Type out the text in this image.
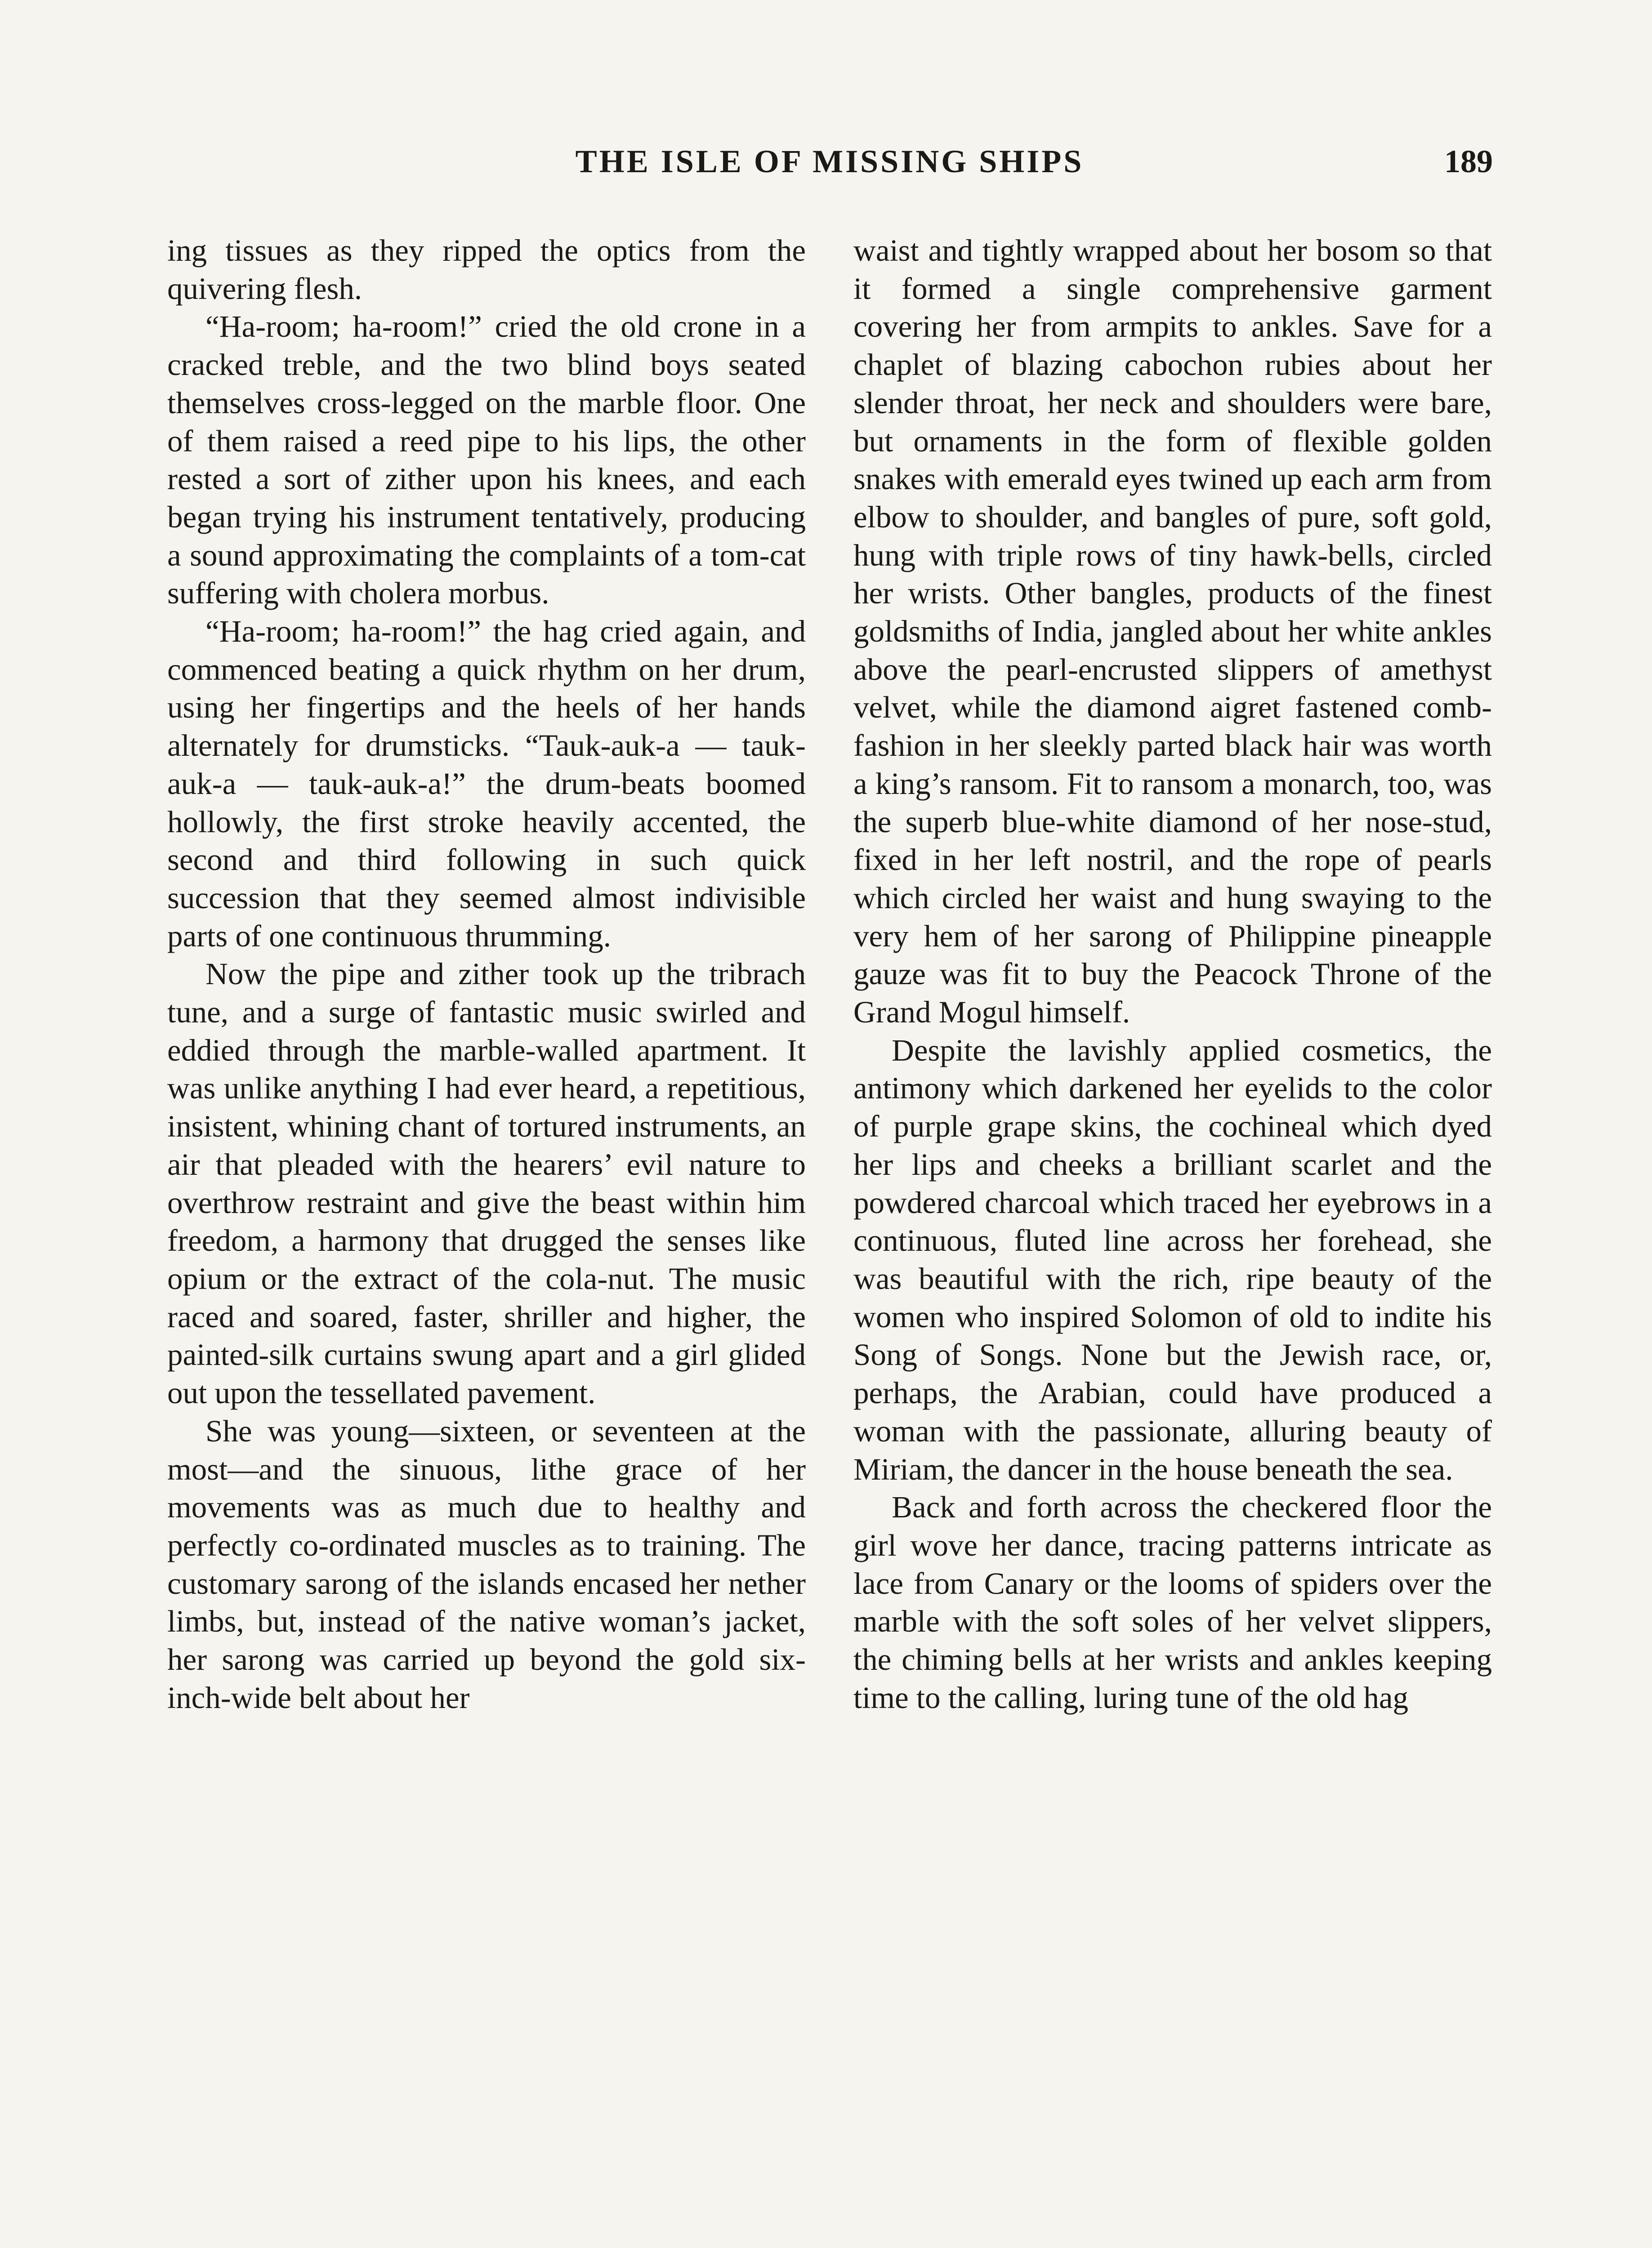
THE ISLE OF MISSING SHIPS	189

ing tissues as they ripped the optics from the quivering flesh.

“Ha-room; ha-room!” cried the old crone in a cracked treble, and the two blind boys seated themselves cross-legged on the marble floor. One of them raised a reed pipe to his lips, the other rested a sort of zither upon his knees, and each began trying his instrument tentatively, producing a sound approximating the complaints of a tom-cat suffering with cholera morbus.

“Ha-room; ha-room!” the hag cried again, and commenced beating a quick rhythm on her drum, using her fingertips and the heels of her hands alternately for drumsticks. “Tauk-auk-a — tauk-auk-a — tauk-auk-a!” the drum-beats boomed hollowly, the first stroke heavily accented, the second and third following in such quick succession that they seemed almost indivisible parts of one continuous thrumming.

Now the pipe and zither took up the tribrach tune, and a surge of fantastic music swirled and eddied through the marble-walled apartment. It was unlike anything I had ever heard, a repetitious, insistent, whining chant of tortured instruments, an air that pleaded with the hearers’ evil nature to overthrow restraint and give the beast within him freedom, a harmony that drugged the senses like opium or the extract of the cola-nut. The music raced and soared, faster, shriller and higher, the painted-silk curtains swung apart and a girl glided out upon the tessellated pavement.

She was young—sixteen, or seventeen at the most—and the sinuous, lithe grace of her movements was as much due to healthy and perfectly co-ordinated muscles as to training. The customary sarong of the islands encased her nether limbs, but, instead of the native woman’s jacket, her sarong was carried up beyond the gold six-inch-wide belt about her

waist and tightly wrapped about her bosom so that it formed a single comprehensive garment covering her from armpits to ankles. Save for a chaplet of blazing cabochon rubies about her slender throat, her neck and shoulders were bare, but ornaments in the form of flexible golden snakes with emerald eyes twined up each arm from elbow to shoulder, and bangles of pure, soft gold, hung with triple rows of tiny hawk-bells, circled her wrists. Other bangles, products of the finest goldsmiths of India, jangled about her white ankles above the pearl-encrusted slippers of amethyst velvet, while the diamond aigret fastened comb-fashion in her sleekly parted black hair was worth a king’s ransom. Fit to ransom a monarch, too, was the superb blue-white diamond of her nose-stud, fixed in her left nostril, and the rope of pearls which circled her waist and hung swaying to the very hem of her sarong of Philippine pineapple gauze was fit to buy the Peacock Throne of the Grand Mogul himself.

Despite the lavishly applied cosmetics, the antimony which darkened her eyelids to the color of purple grape skins, the cochineal which dyed her lips and cheeks a brilliant scarlet and the powdered charcoal which traced her eyebrows in a continuous, fluted line across her forehead, she was beautiful with the rich, ripe beauty of the women who inspired Solomon of old to indite his Song of Songs. None but the Jewish race, or, perhaps, the Arabian, could have produced a woman with the passionate, alluring beauty of Miriam, the dancer in the house beneath the sea.

Back and forth across the checkered floor the girl wove her dance, tracing patterns intricate as lace from Canary or the looms of spiders over the marble with the soft soles of her velvet slippers, the chiming bells at her wrists and ankles keeping time to the calling, luring tune of the old hag
